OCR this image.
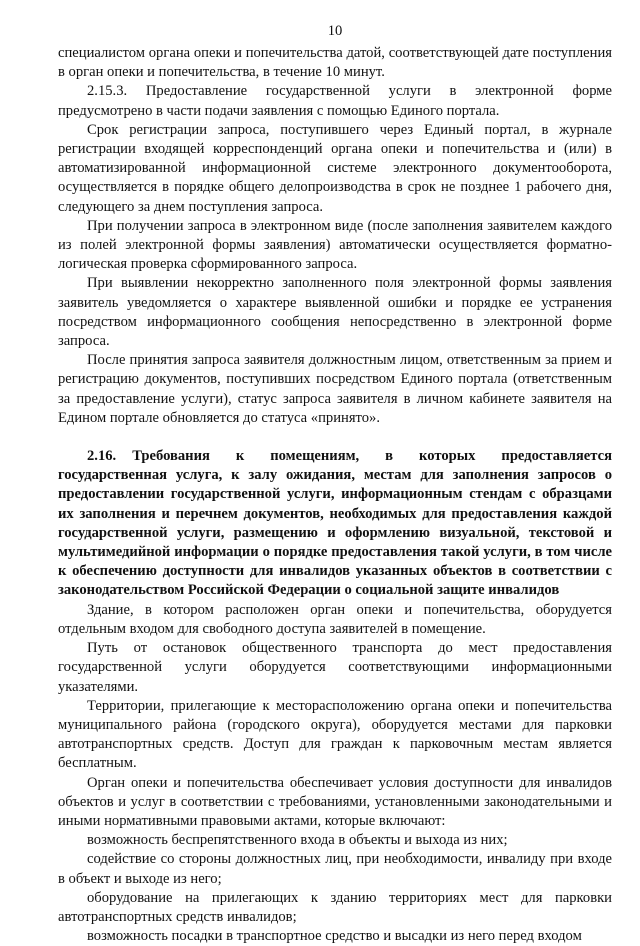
10

специалистом органа опеки и попечительства датой, соответствующей дате поступления в орган опеки и попечительства, в течение 10 минут.

2.15.3. Предоставление государственной услуги в электронной форме предусмотрено в части подачи заявления с помощью Единого портала.

Срок регистрации запроса, поступившего через Единый портал, в журнале регистрации входящей корреспонденций органа опеки и попечительства и (или) в автоматизированной информационной системе электронного документооборота, осуществляется в порядке общего делопроизводства в срок не позднее 1 рабочего дня, следующего за днем поступления запроса.

При получении запроса в электронном виде (после заполнения заявителем каждого из полей электронной формы заявления) автоматически осуществляется форматно-логическая проверка сформированного запроса.

При выявлении некорректно заполненного поля электронной формы заявления заявитель уведомляется о характере выявленной ошибки и порядке ее устранения посредством информационного сообщения непосредственно в электронной форме запроса.

После принятия запроса заявителя должностным лицом, ответственным за прием и регистрацию документов, поступивших посредством Единого портала (ответственным за предоставление услуги), статус запроса заявителя в личном кабинете заявителя на Едином портале обновляется до статуса «принято».

2.16. Требования к помещениям, в которых предоставляется государственная услуга, к залу ожидания, местам для заполнения запросов о предоставлении государственной услуги, информационным стендам с образцами их заполнения и перечнем документов, необходимых для предоставления каждой государственной услуги, размещению и оформлению визуальной, текстовой и мультимедийной информации о порядке предоставления такой услуги, в том числе к обеспечению доступности для инвалидов указанных объектов в соответствии с законодательством Российской Федерации о социальной защите инвалидов

Здание, в котором расположен орган опеки и попечительства, оборудуется отдельным входом для свободного доступа заявителей в помещение.

Путь от остановок общественного транспорта до мест предоставления государственной услуги оборудуется соответствующими информационными указателями.

Территории, прилегающие к месторасположению органа опеки и попечительства муниципального района (городского округа), оборудуется местами для парковки автотранспортных средств. Доступ для граждан к парковочным местам является бесплатным.

Орган опеки и попечительства обеспечивает условия доступности для инвалидов объектов и услуг в соответствии с требованиями, установленными законодательными и иными нормативными правовыми актами, которые включают:

возможность беспрепятственного входа в объекты и выхода из них;

содействие со стороны должностных лиц, при необходимости, инвалиду при входе в объект и выходе из него;

оборудование на прилегающих к зданию территориях мест для парковки автотранспортных средств инвалидов;

возможность посадки в транспортное средство и высадки из него перед входом
